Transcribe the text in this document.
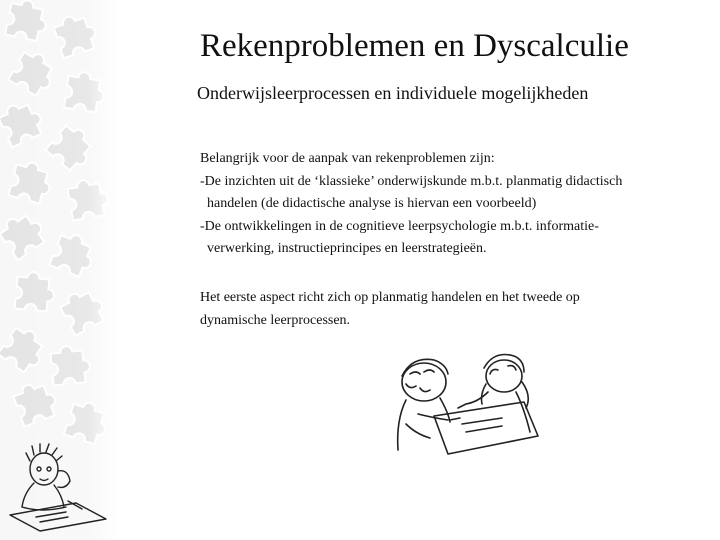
Rekenproblemen en Dyscalculie
Onderwijsleerprocessen en individuele mogelijkheden

Belangrijk voor de aanpak van rekenproblemen zijn:

-De inzichten uit de ‘klassieke’ onderwijskunde m.b.t. planmatig didactisch

handelen (de didactische analyse is hiervan een voorbeeld)

-De ontwikkelingen in de cognitieve leerpsychologie m.b.t. informatie-

verwerking, instructieprincipes en leerstrategieën.

Het eerste aspect richt zich op planmatig handelen en het tweede op

dynamische leerprocessen.
